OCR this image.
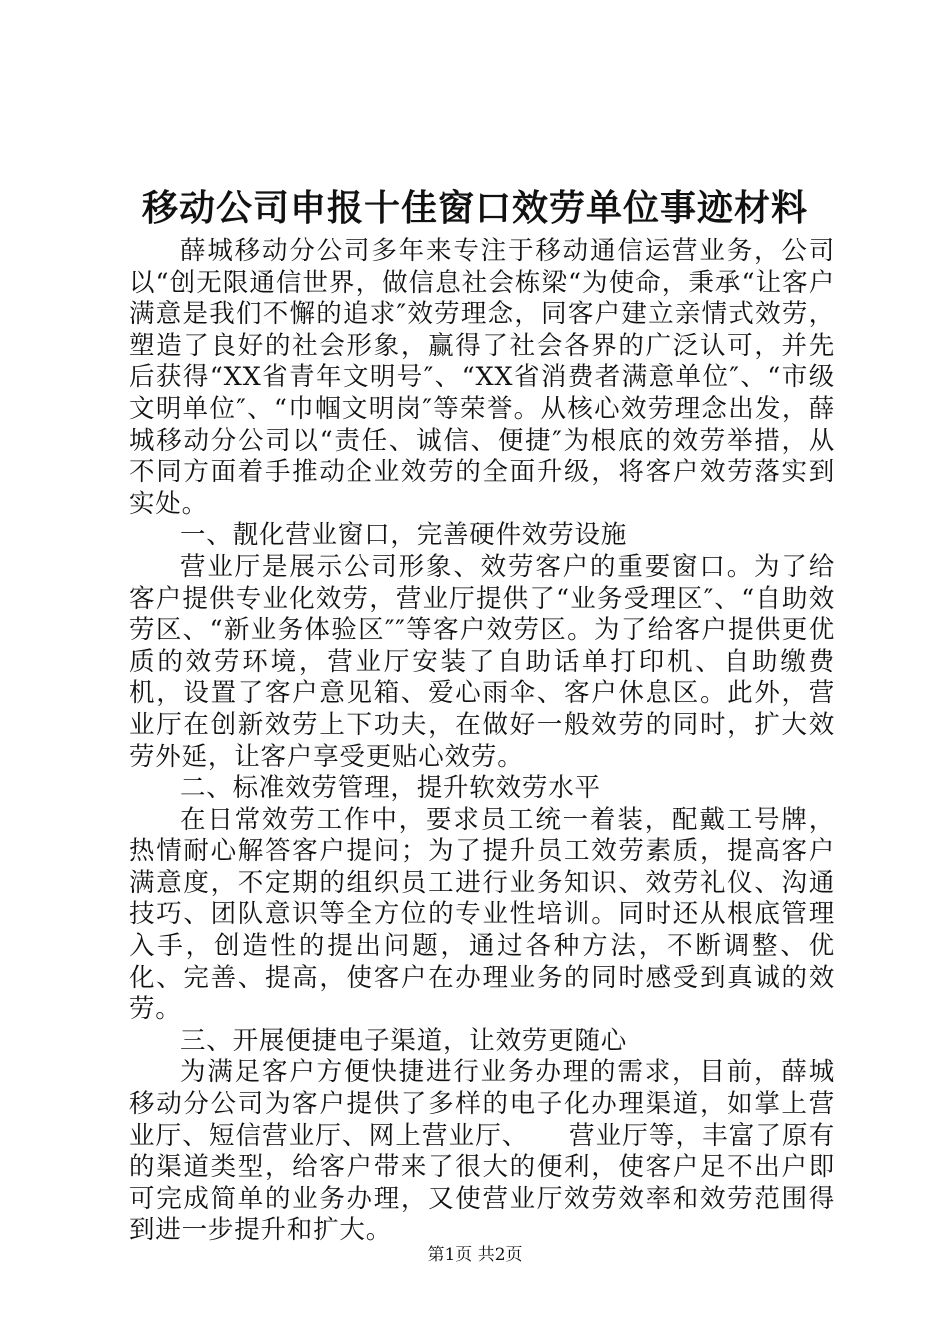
移动公司申报十佳窗口效劳单位事迹材料

薛城移动分公司多年来专注于移动通信运营业务，公司以“创无限通信世界，做信息社会栋梁“为使命，秉承“让客户满意是我们不懈的追求″效劳理念，同客户建立亲情式效劳，塑造了良好的社会形象，赢得了社会各界的广泛认可，并先后获得“XX省青年文明号″、“XX省消费者满意单位″、“市级文明单位″、“巾帼文明岗″等荣誉。从核心效劳理念出发，薛城移动分公司以“责任、诚信、便捷″为根底的效劳举措，从不同方面着手推动企业效劳的全面升级，将客户效劳落实到实处。

一、靓化营业窗口，完善硬件效劳设施

营业厅是展示公司形象、效劳客户的重要窗口。为了给客户提供专业化效劳，营业厅提供了“业务受理区″、“自助效劳区、“新业务体验区″″等客户效劳区。为了给客户提供更优质的效劳环境，营业厅安装了自助话单打印机、自助缴费机，设置了客户意见箱、爱心雨伞、客户休息区。此外，营业厅在创新效劳上下功夫，在做好一般效劳的同时，扩大效劳外延，让客户享受更贴心效劳。

二、标准效劳管理，提升软效劳水平

在日常效劳工作中，要求员工统一着装，配戴工号牌，热情耐心解答客户提问；为了提升员工效劳素质，提高客户满意度，不定期的组织员工进行业务知识、效劳礼仪、沟通技巧、团队意识等全方位的专业性培训。同时还从根底管理入手，创造性的提出问题，通过各种方法，不断调整、优化、完善、提高，使客户在办理业务的同时感受到真诚的效劳。

三、开展便捷电子渠道，让效劳更随心

为满足客户方便快捷进行业务办理的需求，目前，薛城移动分公司为客户提供了多样的电子化办理渠道，如掌上营业厅、短信营业厅、网上营业厅、　　营业厅等，丰富了原有的渠道类型，给客户带来了很大的便利，使客户足不出户即可完成简单的业务办理，又使营业厅效劳效率和效劳范围得到进一步提升和扩大。

第1页 共2页
